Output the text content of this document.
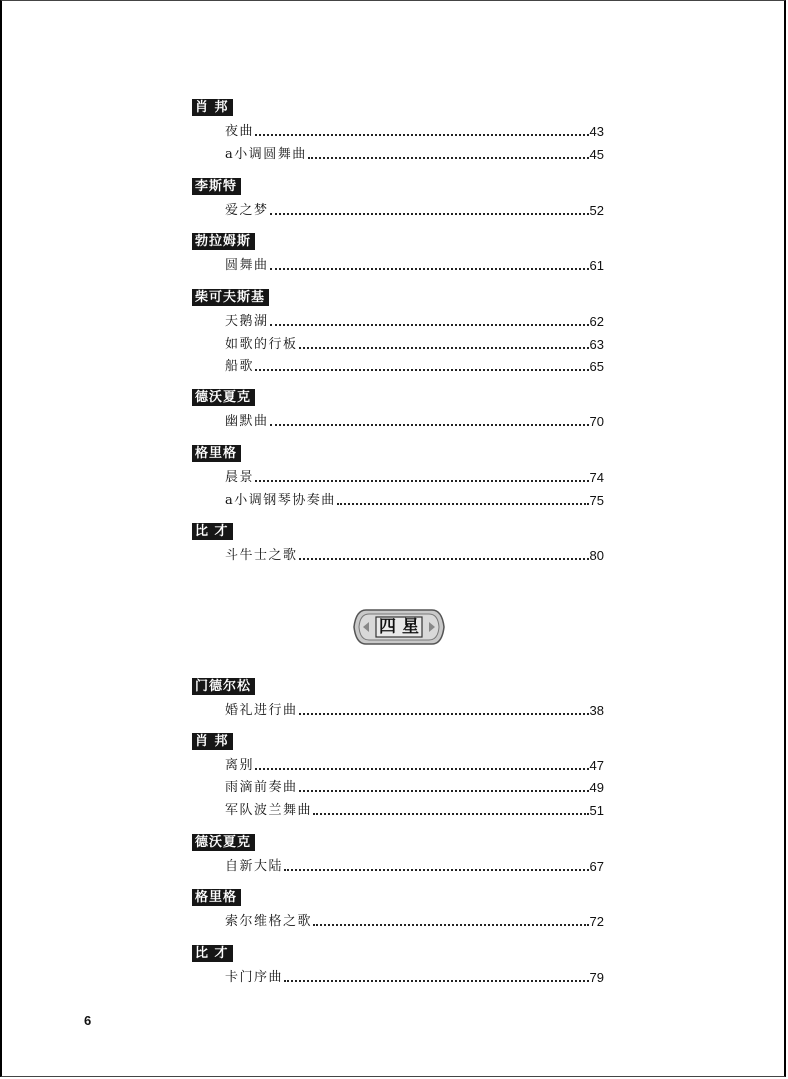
肖 邦
夜曲	43
a小调圆舞曲	45
李斯特
爱之梦	52
勃拉姆斯
圆舞曲	61
柴可夫斯基
天鹅湖	62
如歌的行板	63
船歌	65
德沃夏克
幽默曲	70
格里格
晨景	74
a小调钢琴协奏曲	75
比 才
斗牛士之歌	80
四星
门德尔松
婚礼进行曲	38
肖 邦
离别	47
雨滴前奏曲	49
军队波兰舞曲	51
德沃夏克
自新大陆	67
格里格
索尔维格之歌	72
比 才
卡门序曲	79
6
